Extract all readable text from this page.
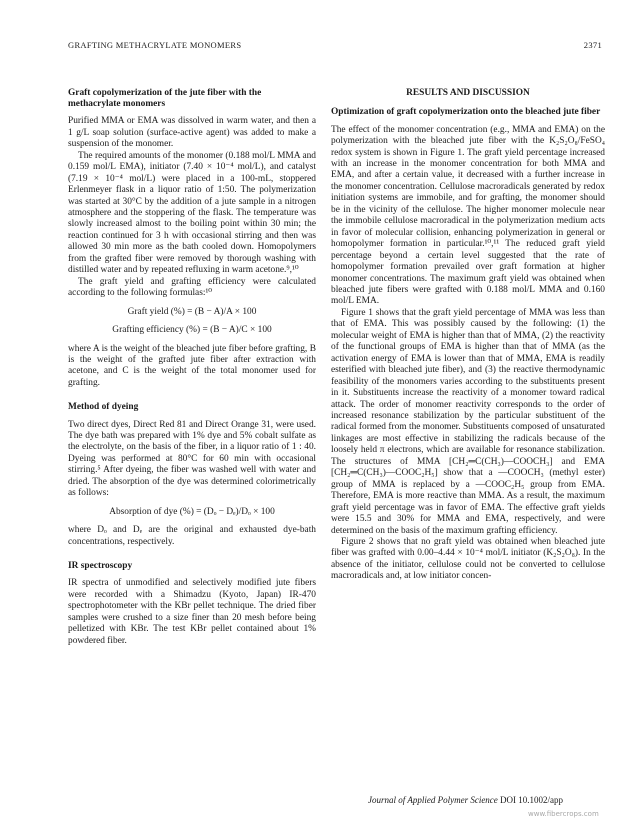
GRAFTING METHACRYLATE MONOMERS	2371
Graft copolymerization of the jute fiber with the methacrylate monomers

Purified MMA or EMA was dissolved in warm water, and then a 1 g/L soap solution (surface-active agent) was added to make a suspension of the monomer.

The required amounts of the monomer (0.188 mol/L MMA and 0.159 mol/L EMA), initiator (7.40 × 10⁻⁴ mol/L), and catalyst (7.19 × 10⁻⁴ mol/L) were placed in a 100-mL, stoppered Erlenmeyer flask in a liquor ratio of 1:50. The polymerization was started at 30°C by the addition of a jute sample in a nitrogen atmosphere and the stoppering of the flask. The temperature was slowly increased almost to the boiling point within 30 min; the reaction continued for 3 h with occasional stirring and then was allowed 30 min more as the bath cooled down. Homopolymers from the grafted fiber were removed by thorough washing with distilled water and by repeated refluxing in warm acetone.⁹,¹⁰

The graft yield and grafting efficiency were calculated according to the following formulas:¹⁰

Graft yield (%) = (B − A)/A × 100
Grafting efficiency (%) = (B − A)/C × 100

where A is the weight of the bleached jute fiber before grafting, B is the weight of the grafted jute fiber after extraction with acetone, and C is the weight of the total monomer used for grafting.

Method of dyeing

Two direct dyes, Direct Red 81 and Direct Orange 31, were used. The dye bath was prepared with 1% dye and 5% cobalt sulfate as the electrolyte, on the basis of the fiber, in a liquor ratio of 1 : 40. Dyeing was performed at 80°C for 60 min with occasional stirring.⁵ After dyeing, the fiber was washed well with water and dried. The absorption of the dye was determined colorimetrically as follows:

Absorption of dye (%) = (Dₒ − Dₑ)/Dₒ × 100

where Dₒ and Dₑ are the original and exhausted dye-bath concentrations, respectively.

IR spectroscopy

IR spectra of unmodified and selectively modified jute fibers were recorded with a Shimadzu (Kyoto, Japan) IR-470 spectrophotometer with the KBr pellet technique. The dried fiber samples were crushed to a size finer than 20 mesh before being pelletized with KBr. The test KBr pellet contained about 1% powdered fiber.

RESULTS AND DISCUSSION
Optimization of graft copolymerization onto the bleached jute fiber

The effect of the monomer concentration (e.g., MMA and EMA) on the polymerization with the bleached jute fiber with the K₂S₂O₈/FeSO₄ redox system is shown in Figure 1. The graft yield percentage increased with an increase in the monomer concentration for both MMA and EMA, and after a certain value, it decreased with a further increase in the monomer concentration. Cellulose macroradicals generated by redox initiation systems are immobile, and for grafting, the monomer should be in the vicinity of the cellulose. The higher monomer molecule near the immobile cellulose macroradical in the polymerization medium acts in favor of molecular collision, enhancing polymerization in general or homopolymer formation in particular.¹⁰,¹¹ The reduced graft yield percentage beyond a certain level suggested that the rate of homopolymer formation prevailed over graft formation at higher monomer concentrations. The maximum graft yield was obtained when bleached jute fibers were grafted with 0.188 mol/L MMA and 0.160 mol/L EMA.

Figure 1 shows that the graft yield percentage of MMA was less than that of EMA. This was possibly caused by the following: (1) the molecular weight of EMA is higher than that of MMA, (2) the reactivity of the functional groups of EMA is higher than that of MMA (as the activation energy of EMA is lower than that of MMA, EMA is readily esterified with bleached jute fiber), and (3) the reactive thermodynamic feasibility of the monomers varies according to the substituents present in it. Substituents increase the reactivity of a monomer toward radical attack. The order of monomer reactivity corresponds to the order of increased resonance stabilization by the particular substituent of the radical formed from the monomer. Substituents composed of unsaturated linkages are most effective in stabilizing the radicals because of the loosely held π electrons, which are available for resonance stabilization. The structures of MMA [CH₂═C(CH₃)—COOCH₃] and EMA [CH₂═C(CH₃)—COOC₂H₅] show that a —COOCH₃ (methyl ester) group of MMA is replaced by a —COOC₂H₅ group from EMA. Therefore, EMA is more reactive than MMA. As a result, the maximum graft yield percentage was in favor of EMA. The effective graft yields were 15.5 and 30% for MMA and EMA, respectively, and were determined on the basis of the maximum grafting efficiency.

Figure 2 shows that no graft yield was obtained when bleached jute fiber was grafted with 0.00–4.44 × 10⁻⁴ mol/L initiator (K₂S₂O₈). In the absence of the initiator, cellulose could not be converted to cellulose macroradicals and, at low initiator concen-

Journal of Applied Polymer Science DOI 10.1002/app
www.fibercrops.com
